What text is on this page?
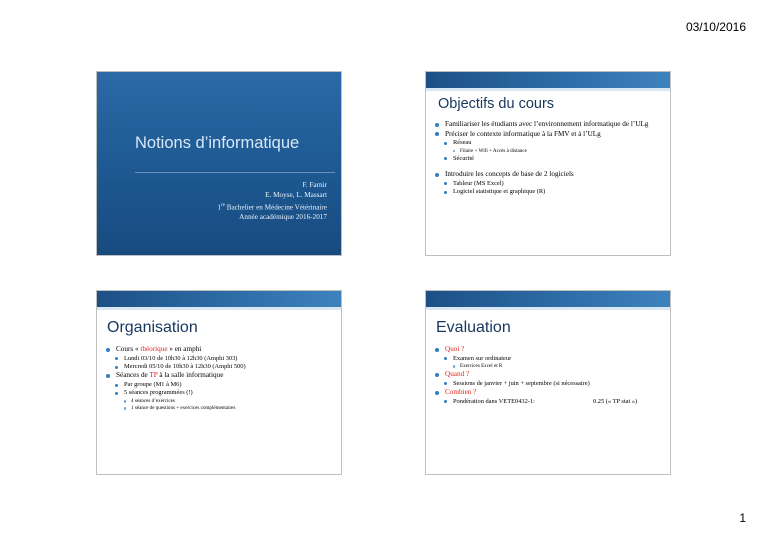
03/10/2016
Notions d’informatique
F. Farnir
E. Moyse, L. Massart
1re Bachelier en Médecine Vétérinaire
Année académique 2016-2017
Objectifs du cours
Familiariser les étudiants avec l’environnement informatique de l’ULg
Préciser le contexte informatique à la FMV et à l’ULg
Réseau
Filaire + Wifi + Accès à distance
Sécurité
Introduire les concepts de base de 2 logiciels
Tableur (MS Excel)
Logiciel statistique et graphique (R)
Organisation
Cours « théorique » en amphi
Lundi 03/10 de 10h30 à 12h30 (Amphi 303)
Mercredi 05/10 de 10h30 à 12h30 (Amphi 500)
Séances de TP à la salle informatique
Par groupe (M1 à M6)
5 séances programmées (!)
4 séances d’exercices
1 séance de questions + exercices complémentaires
Evaluation
Quoi ?
Examen sur ordinateur
Exercices Excel et R
Quand ?
Sessions de janvier + juin + septembre (si nécessaire)
Combien ?
Pondération dans VETE0432-1:	0.25 (« TP stat »)
1
